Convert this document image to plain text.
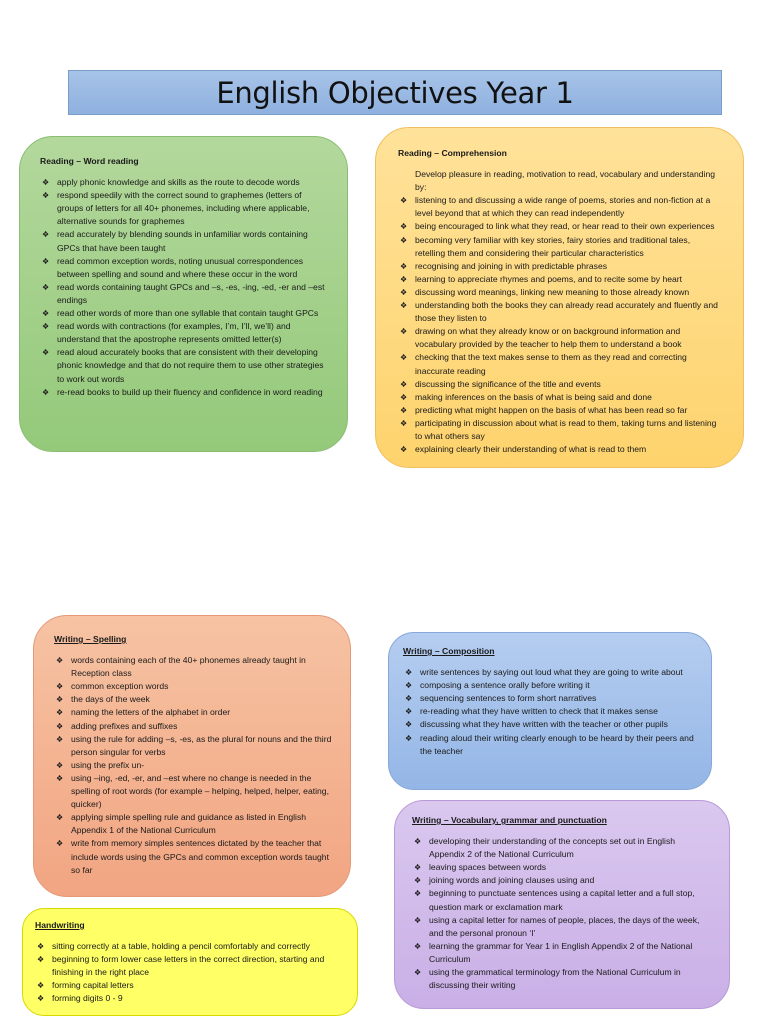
English Objectives Year 1
Reading – Word reading
❖ apply phonic knowledge and skills as the route to decode words
❖ respond speedily with the correct sound to graphemes (letters of groups of letters for all 40+ phonemes, including where applicable, alternative sounds for graphemes
❖ read accurately by blending sounds in unfamiliar words containing GPCs that have been taught
❖ read common exception words, noting unusual correspondences between spelling and sound and where these occur in the word
❖ read words containing taught GPCs and –s, -es, -ing, -ed, -er and –est endings
❖ read other words of more than one syllable that contain taught GPCs
❖ read words with contractions (for examples, I’m, I’ll, we’ll) and understand that the apostrophe represents omitted letter(s)
❖ read aloud accurately books that are consistent with their developing phonic knowledge and that do not require them to use other strategies to work out words
❖ re-read books to build up their fluency and confidence in word reading
Reading – Comprehension
Develop pleasure in reading, motivation to read, vocabulary and understanding by:
❖ listening to and discussing a wide range of poems, stories and non-fiction at a level beyond that at which they can read independently
❖ being encouraged to link what they read, or hear read to their own experiences
❖ becoming very familiar with key stories, fairy stories and traditional tales, retelling them and considering their particular characteristics
❖ recognising and joining in with predictable phrases
❖ learning to appreciate rhymes and poems, and to recite some by heart
❖ discussing word meanings, linking new meaning to those already known
❖ understanding both the books they can already read accurately and fluently and those they listen to
❖ drawing on what they already know or on background information and vocabulary provided by the teacher to help them to understand a book
❖ checking that the text makes sense to them as they read and correcting inaccurate reading
❖ discussing the significance of the title and events
❖ making inferences on the basis of what is being said and done
❖ predicting what might happen on the basis of what has been read so far
❖ participating in discussion about what is read to them, taking turns and listening to what others say
❖ explaining clearly their understanding of what is read to them
Writing – Spelling
❖ words containing each of the 40+ phonemes already taught in Reception class
❖ common exception words
❖ the days of the week
❖ naming the letters of the alphabet in order
❖ adding prefixes and suffixes
❖ using the rule for adding –s, -es, as the plural for nouns and the third person singular for verbs
❖ using the prefix un-
❖ using –ing, -ed, -er, and –est where no change is needed in the spelling of root words (for example – helping, helped, helper, eating, quicker)
❖ applying simple spelling rule and guidance as listed in English Appendix 1 of the National Curriculum
❖ write from memory simples sentences dictated by the teacher that include words using the GPCs and common exception words taught so far
Writing – Composition
❖ write sentences by saying out loud what they are going to write about
❖ composing a sentence orally before writing it
❖ sequencing sentences to form short narratives
❖ re-reading what they have written to check that it makes sense
❖ discussing what they have written with the teacher or other pupils
❖ reading aloud their writing clearly enough to be heard by their peers and the teacher
Writing – Vocabulary, grammar and punctuation
❖ developing their understanding of the concepts set out in English Appendix 2 of the National Curriculum
❖ leaving spaces between words
❖ joining words and joining clauses using and
❖ beginning to punctuate sentences using a capital letter and a full stop, question mark or exclamation mark
❖ using a capital letter for names of people, places, the days of the week, and the personal pronoun ‘I’
❖ learning the grammar for Year 1 in English Appendix 2 of the National Curriculum
❖ using the grammatical terminology from the National Curriculum in discussing their writing
Handwriting
❖ sitting correctly at a table, holding a pencil comfortably and correctly
❖ beginning to form lower case letters in the correct direction, starting and finishing in the right place
❖ forming capital letters
❖ forming digits 0 - 9
